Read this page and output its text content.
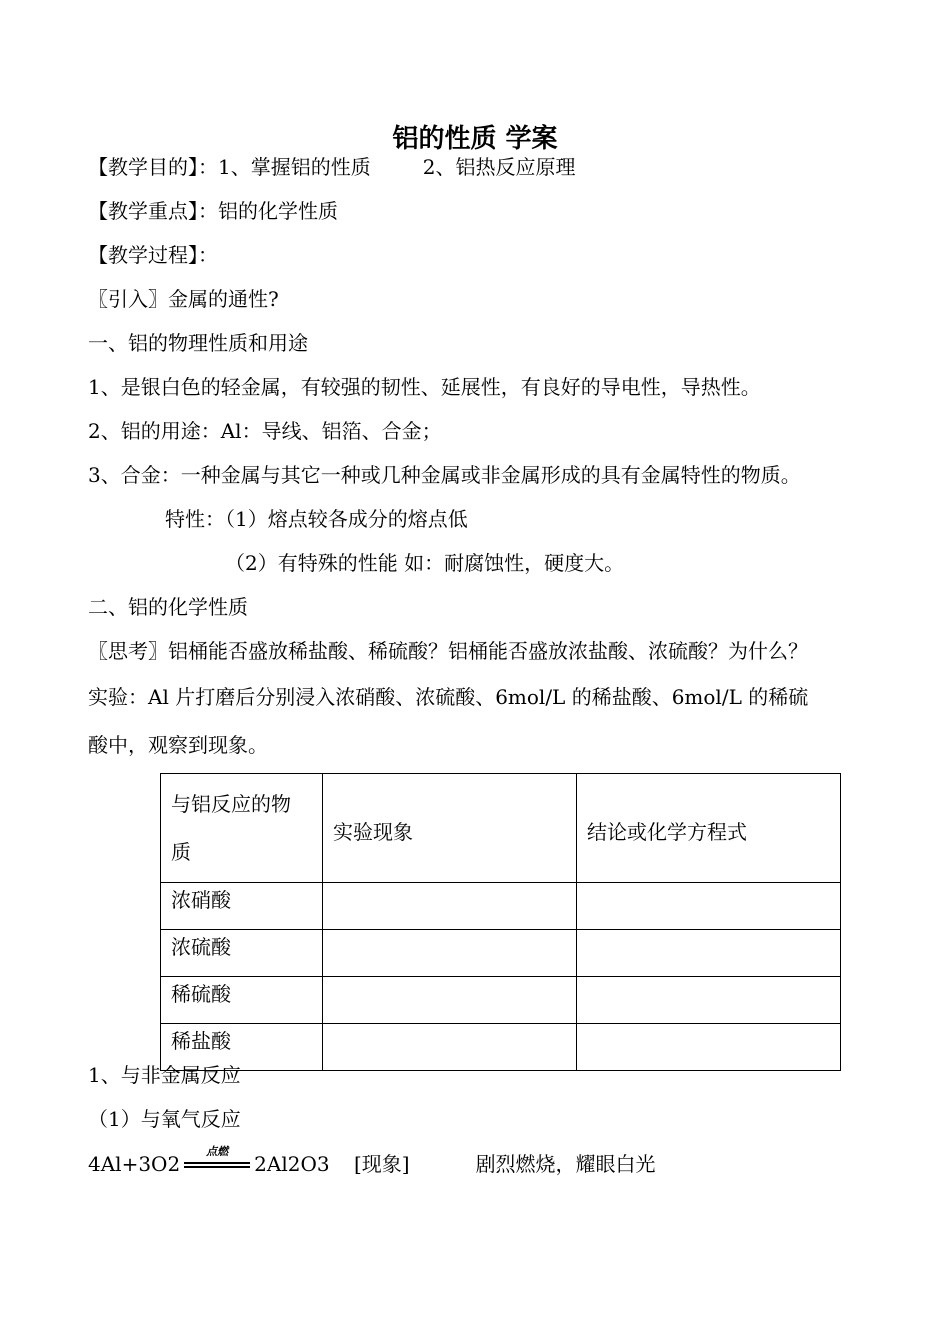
铝的性质 学案
【教学目的】：1、掌握铝的性质	2、铝热反应原理
【教学重点】：铝的化学性质
【教学过程】：
〖引入〗金属的通性?
一、铝的物理性质和用途
1、是银白色的轻金属，有较强的韧性、延展性，有良好的导电性，导热性。
2、铝的用途：Al：导线、铝箔、合金；
3、合金：一种金属与其它一种或几种金属或非金属形成的具有金属特性的物质。
特性：（1）熔点较各成分的熔点低
（2）有特殊的性能 如：耐腐蚀性，硬度大。
二、铝的化学性质
〖思考〗铝桶能否盛放稀盐酸、稀硫酸？铝桶能否盛放浓盐酸、浓硫酸？为什么？
实验：Al 片打磨后分别浸入浓硝酸、浓硫酸、6mol/L 的稀盐酸、6mol/L 的稀硫
酸中，观察到现象。
与铝反应的物
质	实验现象	结论或化学方程式
浓硝酸		
浓硫酸		
稀硫酸		
稀盐酸		
1、与非金属反应
（1）与氧气反应
4Al+3O2
点燃
2Al2O3 [现象]	剧烈燃烧，耀眼白光
